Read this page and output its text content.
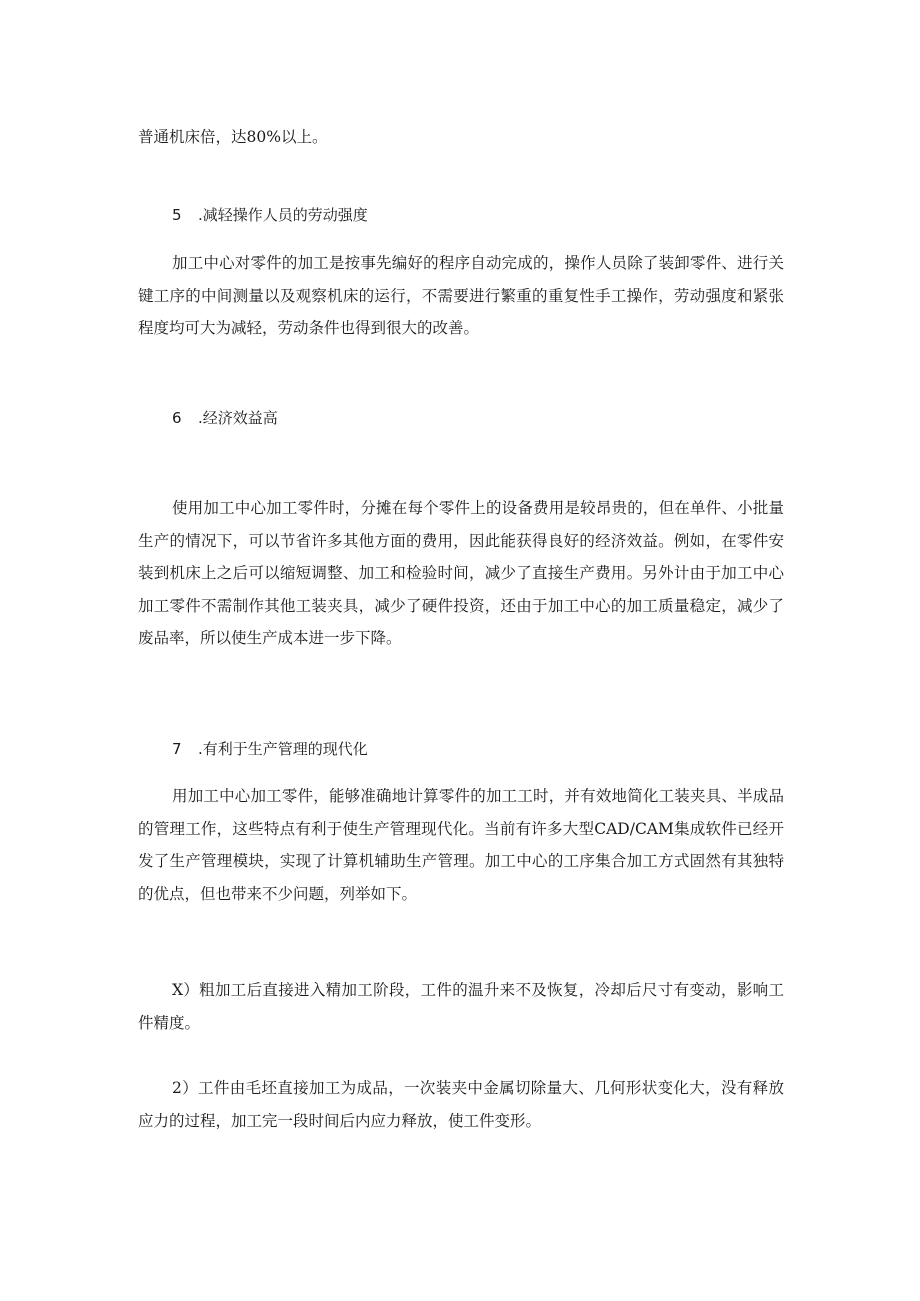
普通机床倍，达80%以上。

5 .减轻操作人员的劳动强度

加工中心对零件的加工是按事先编好的程序自动完成的，操作人员除了装卸零件、进行关键工序的中间测量以及观察机床的运行，不需要进行繁重的重复性手工操作，劳动强度和紧张程度均可大为减轻，劳动条件也得到很大的改善。

6 .经济效益高

使用加工中心加工零件时，分摊在每个零件上的设备费用是较昂贵的，但在单件、小批量生产的情况下，可以节省许多其他方面的费用，因此能获得良好的经济效益。例如，在零件安装到机床上之后可以缩短调整、加工和检验时间，减少了直接生产费用。另外计由于加工中心加工零件不需制作其他工装夹具，减少了硬件投资，还由于加工中心的加工质量稳定，减少了废品率，所以使生产成本进一步下降。

7 .有利于生产管理的现代化

用加工中心加工零件，能够准确地计算零件的加工工时，并有效地简化工装夹具、半成品的管理工作，这些特点有利于使生产管理现代化。当前有许多大型CAD/CAM集成软件已经开发了生产管理模块，实现了计算机辅助生产管理。加工中心的工序集合加工方式固然有其独特的优点，但也带来不少问题，列举如下。

X）粗加工后直接进入精加工阶段，工件的温升来不及恢复，冷却后尺寸有变动，影响工件精度。

2）工件由毛坯直接加工为成品，一次装夹中金属切除量大、几何形状变化大，没有释放应力的过程，加工完一段时间后内应力释放，使工件变形。
